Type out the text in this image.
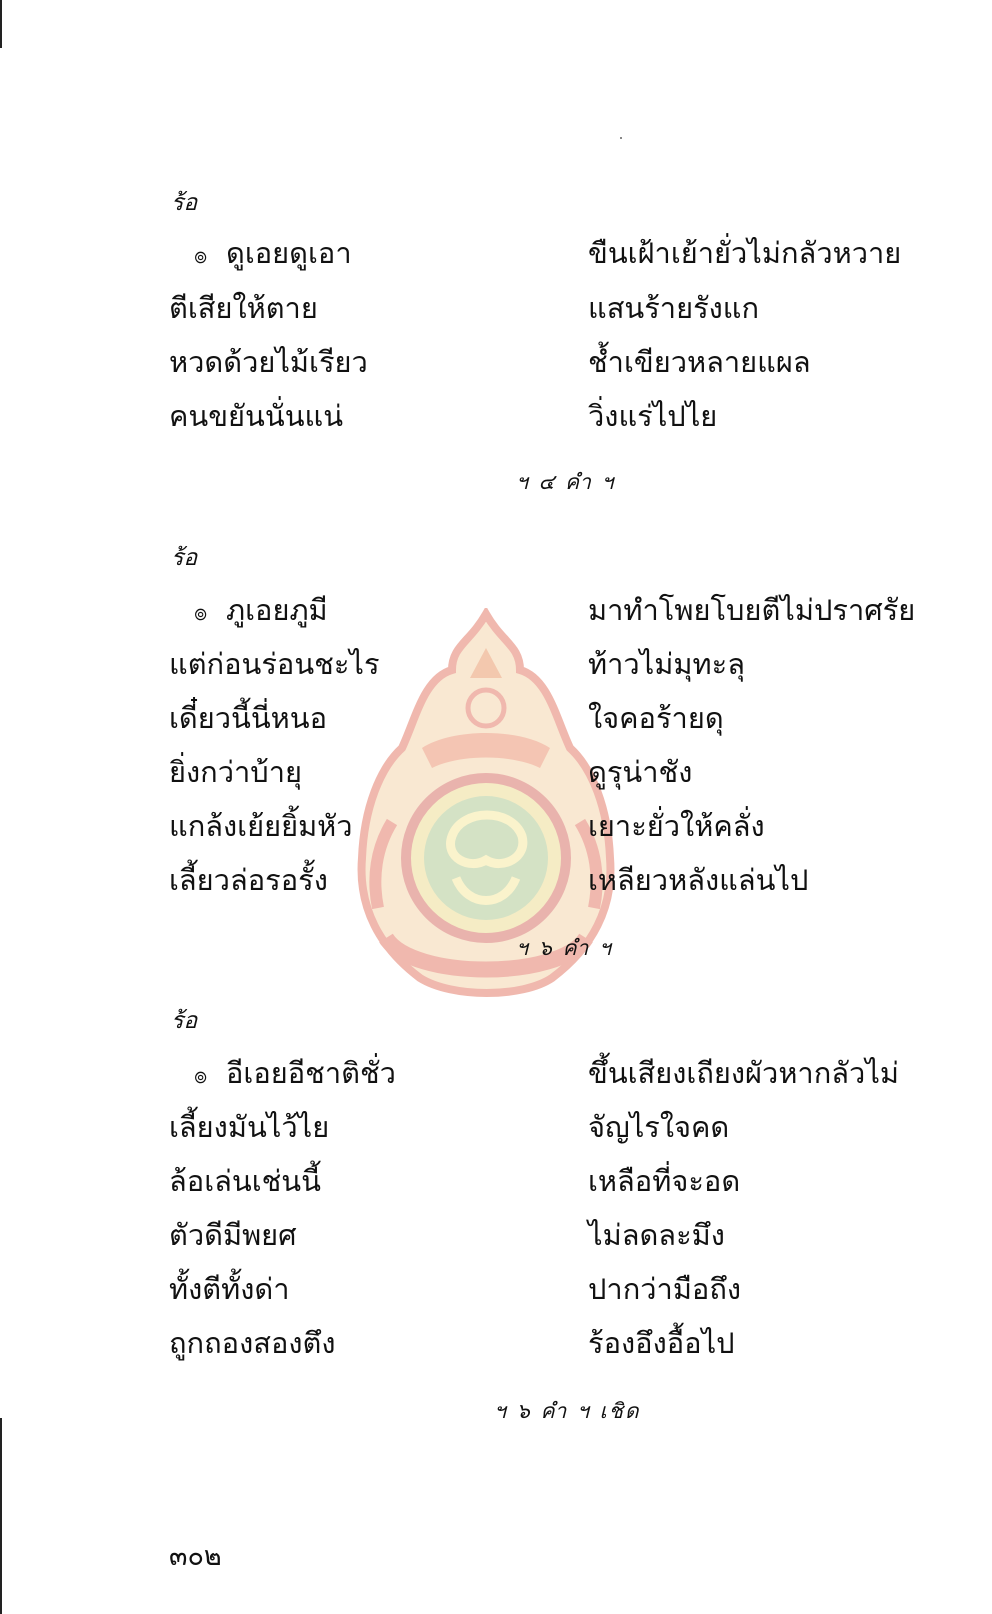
ร้อ
๏ ดูเอยดูเอา	ขืนเฝ้าเย้ายั่วไม่กลัวหวาย
ตีเสียให้ตาย	แสนร้ายรังแก
หวดด้วยไม้เรียว	ช้ำเขียวหลายแผล
คนขยันนั่นแน่	วิ่งแร่ไปไย
ฯ ๔ คำ ฯ
ร้อ
๏ ภูเอยภูมี	มาทำโพยโบยตีไม่ปราศรัย
แต่ก่อนร่อนชะไร	ท้าวไม่มุทะลุ
เดี๋ยวนี้นี่หนอ	ใจคอร้ายดุ
ยิ่งกว่าบ้ายุ	ดูรุน่าชัง
แกล้งเย้ยยิ้มหัว	เยาะยั่วให้คลั่ง
เลี้ยวล่อรอรั้ง	เหลียวหลังแล่นไป
ฯ ๖ คำ ฯ
ร้อ
๏ อีเอยอีชาติชั่ว	ขึ้นเสียงเถียงผัวหากลัวไม่
เลี้ยงมันไว้ไย	จัญไรใจคด
ล้อเล่นเช่นนี้	เหลือที่จะอด
ตัวดีมีพยศ	ไม่ลดละมึง
ทั้งตีทั้งด่า	ปากว่ามือถึง
ถูกถองสองตึง	ร้องอึงอื้อไป
ฯ ๖ คำ ฯ เชิด
๓๐๒
